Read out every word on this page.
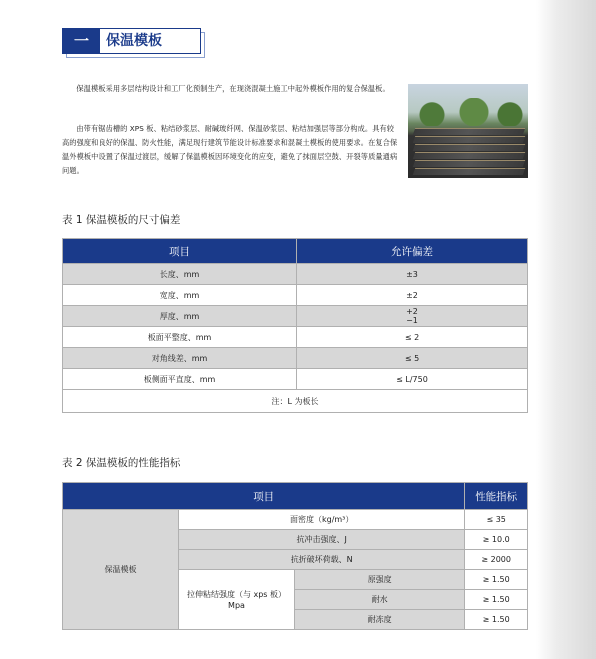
一	保温模板
保温模板采用多层结构设计和工厂化预制生产，在现浇混凝土施工中起外模板作用的复合保温板。
由带有锯齿槽的 XPS 板、粘结砂浆层、耐碱玻纤网、保温砂浆层、粘结加强层等部分构成。具有较高的强度和良好的保温、防火性能，满足现行建筑节能设计标准要求和混凝土模板的使用要求。在复合保温外模板中设置了保温过渡层，缓解了保温模板因环境变化的应变，避免了抹面层空鼓、开裂等质量通病问题。
表 1 保温模板的尺寸偏差
项目	允许偏差
长度、mm	±3
宽度、mm	±2
厚度、mm	+2
−1
板面平整度、mm	≤ 2
对角线差、mm	≤ 5
板侧面平直度、mm	≤ L/750
注：L 为板长	
表 2 保温模板的性能指标
项目			性能指标
保温模板	面密度（kg/m³）		≤ 35
	抗冲击强度、J		≥ 10.0
	抗折破坏荷载、N		≥ 2000
	拉伸粘结强度（与 xps 板）
Mpa	原强度	≥ 1.50
		耐水	≥ 1.50
		耐冻度	≥ 1.50
